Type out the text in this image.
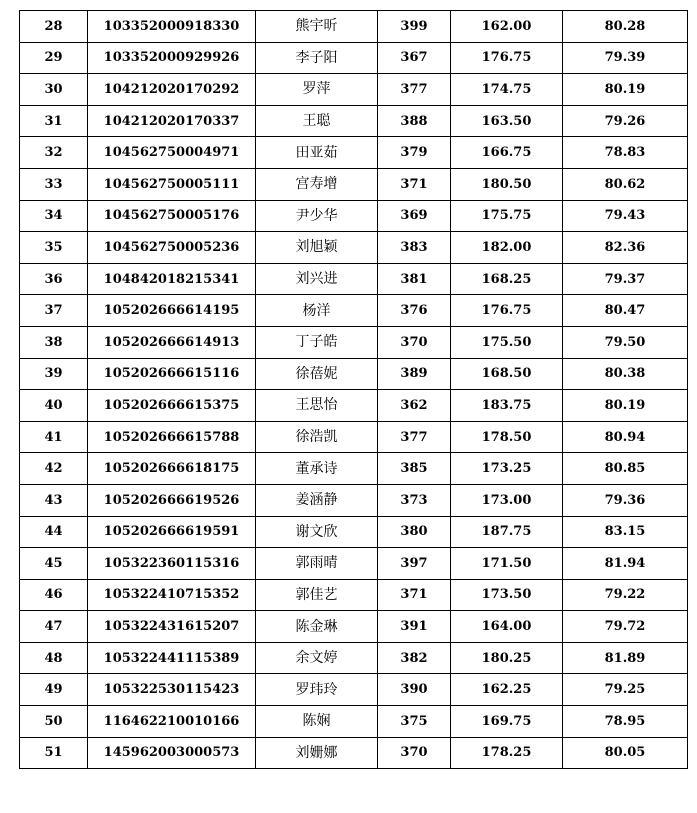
28	103352000918330	熊宇昕	399	162.00	80.28
29	103352000929926	李子阳	367	176.75	79.39
30	104212020170292	罗萍	377	174.75	80.19
31	104212020170337	王聪	388	163.50	79.26
32	104562750004971	田亚茹	379	166.75	78.83
33	104562750005111	宫寿增	371	180.50	80.62
34	104562750005176	尹少华	369	175.75	79.43
35	104562750005236	刘旭颖	383	182.00	82.36
36	104842018215341	刘兴进	381	168.25	79.37
37	105202666614195	杨洋	376	176.75	80.47
38	105202666614913	丁子皓	370	175.50	79.50
39	105202666615116	徐蓓妮	389	168.50	80.38
40	105202666615375	王思怡	362	183.75	80.19
41	105202666615788	徐浩凯	377	178.50	80.94
42	105202666618175	董承诗	385	173.25	80.85
43	105202666619526	姜涵静	373	173.00	79.36
44	105202666619591	谢文欣	380	187.75	83.15
45	105322360115316	郭雨晴	397	171.50	81.94
46	105322410715352	郭佳艺	371	173.50	79.22
47	105322431615207	陈金琳	391	164.00	79.72
48	105322441115389	余文婷	382	180.25	81.89
49	105322530115423	罗玮玲	390	162.25	79.25
50	116462210010166	陈娴	375	169.75	78.95
51	145962003000573	刘姗娜	370	178.25	80.05
